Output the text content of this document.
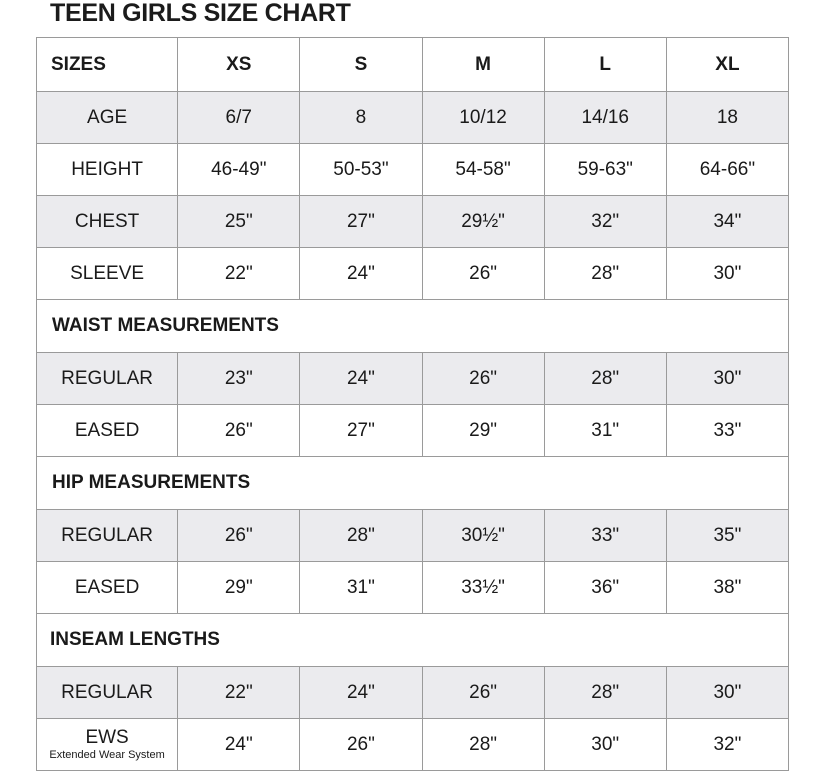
TEEN GIRLS SIZE CHART
SIZES	XS	S	M	L	XL
AGE	6/7	8	10/12	14/16	18
HEIGHT	46-49"	50-53"	54-58"	59-63"	64-66"
CHEST	25"	27"	29½"	32"	34"
SLEEVE	22"	24"	26"	28"	30"
WAIST MEASUREMENTS					
REGULAR	23"	24"	26"	28"	30"
EASED	26"	27"	29"	31"	33"
HIP MEASUREMENTS					
REGULAR	26"	28"	30½"	33"	35"
EASED	29"	31"	33½"	36"	38"
INSEAM LENGTHS					
REGULAR	22"	24"	26"	28"	30"

EWS
Extended Wear System	24"	26"	28"	30"	32"
